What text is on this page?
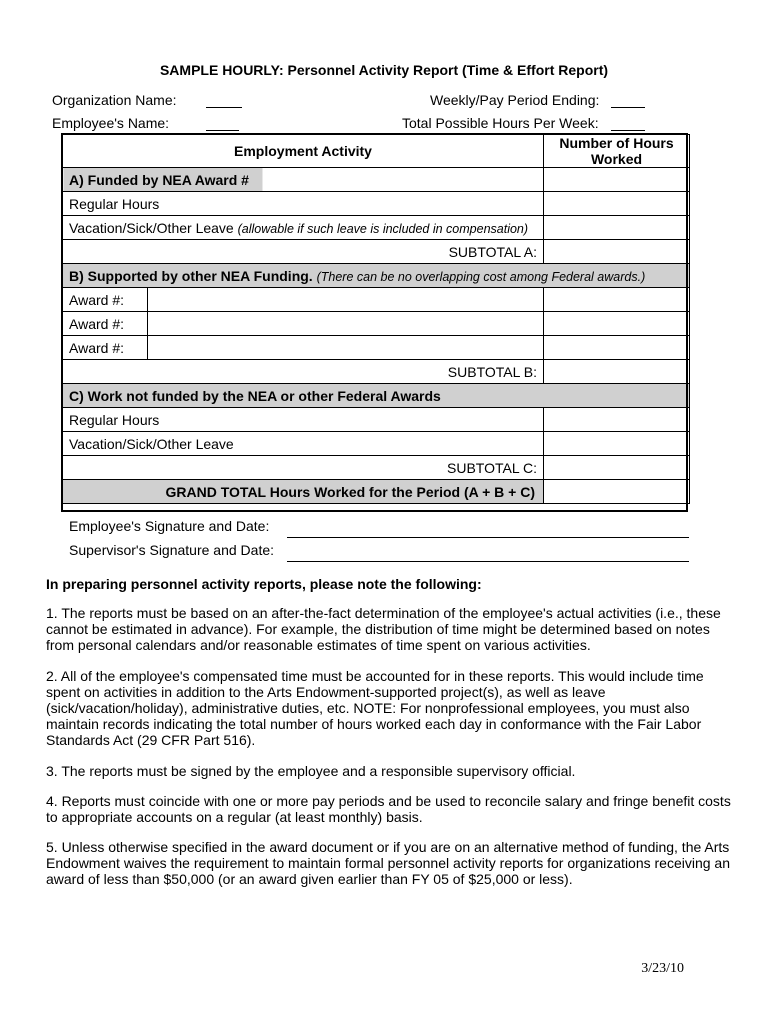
SAMPLE HOURLY: Personnel Activity Report (Time & Effort Report)
Organization Name:
Employee's Name:
Weekly/Pay Period Ending:
Total Possible Hours Per Week:
Employment Activity		Number of Hours Worked
A) Funded by NEA Award #		
Regular Hours		
Vacation/Sick/Other Leave (allowable if such leave is included in compensation)		
SUBTOTAL A:		
B) Supported by other NEA Funding. (There can be no overlapping cost among Federal awards.)		
Award #:		
Award #:		
Award #:		
SUBTOTAL B:		
C) Work not funded by the NEA or other Federal Awards		
Regular Hours		
Vacation/Sick/Other Leave		
SUBTOTAL C:		
GRAND TOTAL Hours Worked for the Period (A + B + C)		
Employee's Signature and Date:
Supervisor's Signature and Date:
In preparing personnel activity reports, please note the following:
1. The reports must be based on an after-the-fact determination of the employee's actual activities (i.e., these cannot be estimated in advance). For example, the distribution of time might be determined based on notes from personal calendars and/or reasonable estimates of time spent on various activities.
2. All of the employee's compensated time must be accounted for in these reports. This would include time spent on activities in addition to the Arts Endowment-supported project(s), as well as leave (sick/vacation/holiday), administrative duties, etc. NOTE: For nonprofessional employees, you must also maintain records indicating the total number of hours worked each day in conformance with the Fair Labor Standards Act (29 CFR Part 516).
3. The reports must be signed by the employee and a responsible supervisory official.
4. Reports must coincide with one or more pay periods and be used to reconcile salary and fringe benefit costs to appropriate accounts on a regular (at least monthly) basis.
5. Unless otherwise specified in the award document or if you are on an alternative method of funding, the Arts Endowment waives the requirement to maintain formal personnel activity reports for organizations receiving an award of less than $50,000 (or an award given earlier than FY 05 of $25,000 or less).
3/23/10
